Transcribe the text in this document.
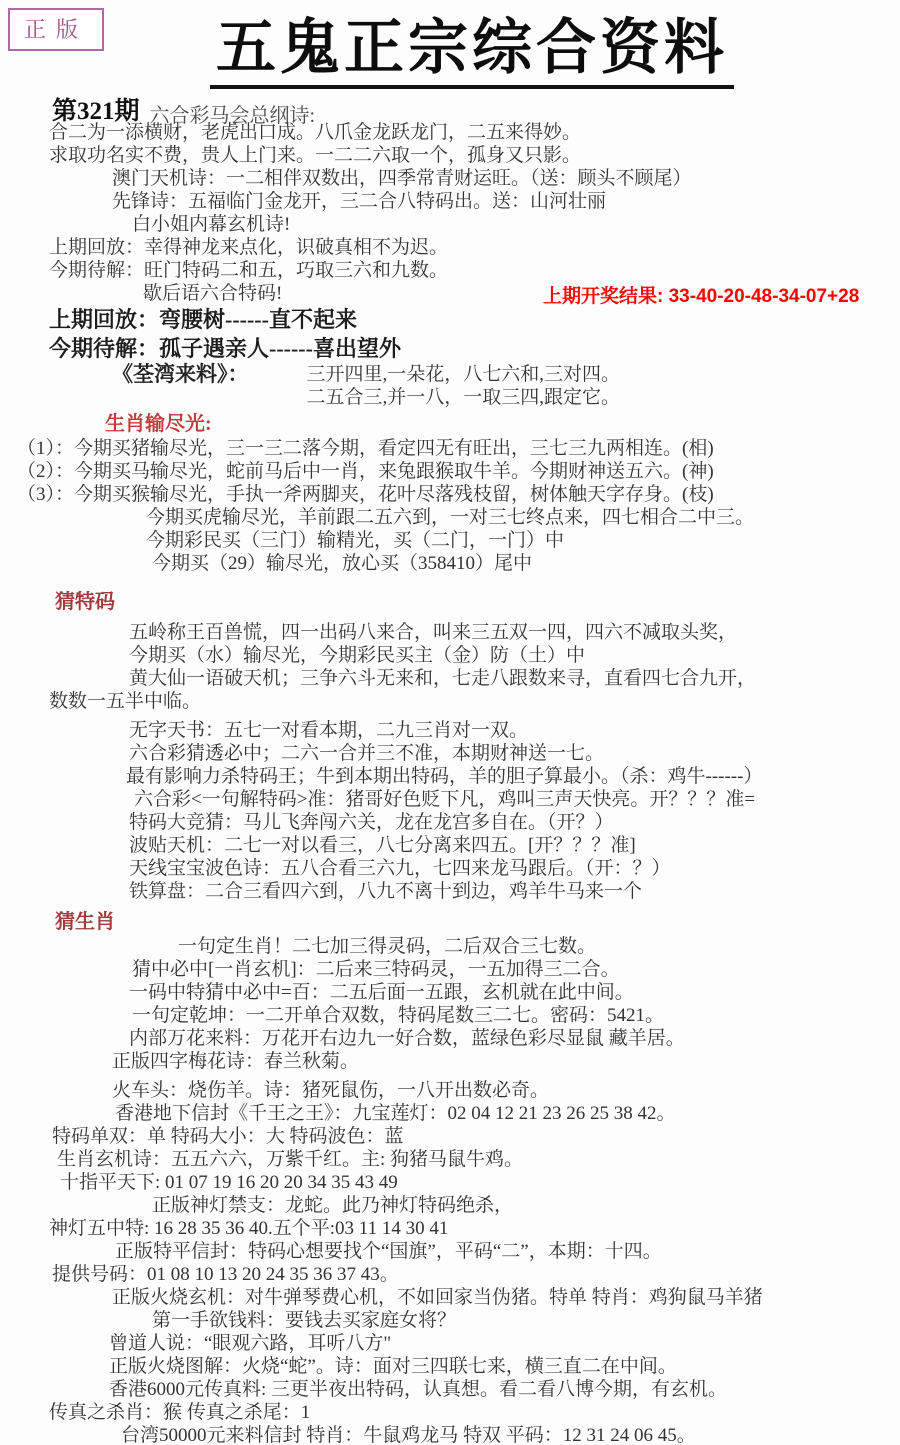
正版 五鬼正宗综合资料
第321期 六合彩马会总纲诗:
上期开奖结果: 33-40-20-48-34-07+28
合二为一添横财，老虎出口成。八爪金龙跃龙门，二五来得妙。
求取功名实不费，贵人上门来。一二二六取一个，孤身又只影。
澳门天机诗：一二相伴双数出，四季常青财运旺。（送：顾头不顾尾）
先锋诗：五福临门金龙开，三二合八特码出。送：山河壮丽
白小姐内幕玄机诗!
上期回放：幸得神龙来点化，识破真相不为迟。
今期待解：旺门特码二和五，巧取三六和九数。
歇后语六合特码!
上期回放：弯腰树------直不起来
今期待解：孤子遇亲人------喜出望外
《荃湾来料》：	三开四里,一朵花，八七六和,三对四。
二五合三,并一八，一取三四,跟定它。
生肖输尽光:
（1）：今期买猪输尽光，三一三二落今期，看定四无有旺出，三七三九两相连。(相)
（2）：今期买马输尽光，蛇前马后中一肖，来兔跟猴取牛羊。今期财神送五六。(神)
（3）：今期买猴输尽光，手执一斧两脚夹，花叶尽落残枝留，树体触天字存身。(枝)
今期买虎输尽光，羊前跟二五六到，一对三七终点来，四七相合二中三。
今期彩民买（三门）输精光，买（二门，一门）中
今期买（29）输尽光，放心买（358410）尾中
猜特码
五岭称王百兽慌，四一出码八来合，叫来三五双一四，四六不减取头奖，
今期买（水）输尽光，今期彩民买主（金）防（土）中
黄大仙一语破天机；三争六斗无来和，七走八跟数来寻，直看四七合九开，
数数一五半中临。
无字天书：五七一对看本期，二九三肖对一双。
六合彩猜透必中；二六一合并三不准，本期财神送一七。
最有影响力杀特码王；牛到本期出特码，羊的胆子算最小。（杀：鸡牛------）
六合彩<一句解特码>准：猪哥好色贬下凡，鸡叫三声天快亮。开？？？准=
特码大竞猜：马儿飞奔闯六关，龙在龙宫多自在。（开？）
波贴天机：二七一对以看三，八七分离来四五。[开？？？准]
天线宝宝波色诗：五八合看三六九，七四来龙马跟后。（开：？）
铁算盘：二合三看四六到，八九不离十到边，鸡羊牛马来一个
猜生肖
一句定生肖！二七加三得灵码，二后双合三七数。
猜中必中[一肖玄机]：二后来三特码灵，一五加得三二合。
一码中特猜中必中=百：二五后面一五跟，玄机就在此中间。
一句定乾坤：一二开单合双数，特码尾数三二七。密码：5421。
内部万花来料：万花开右边九一好合数，蓝绿色彩尽显鼠 藏羊居。
正版四字梅花诗：春兰秋菊。
火车头：烧伤羊。诗：猪死鼠伤，一八开出数必奇。
香港地下信封《千王之王》：九宝莲灯：02 04 12 21 23 26 25 38 42。
特码单双：单 特码大小：大 特码波色：蓝
生肖玄机诗：五五六六，万紫千红。主: 狗猪马鼠牛鸡。
十指平天下: 01 07 19 16 20 20 34 35 43 49
正版神灯禁支：龙蛇。此乃神灯特码绝杀，
神灯五中特: 16 28 35 36 40.五个平:03 11 14 30 41
正版特平信封：特码心想要找个“国旗”，平码“二”，本期：十四。
提供号码：01 08 10 13 20 24 35 36 37 43。
正版火烧玄机：对牛弹琴费心机，不如回家当伪猪。特单 特肖：鸡狗鼠马羊猪
第一手欲钱料：要钱去买家庭女将？
曾道人说：“眼观六路，耳听八方"
正版火烧图解：火烧“蛇”。诗：面对三四联七来，横三直二在中间。
香港6000元传真料: 三更半夜出特码，认真想。看二看八博今期，有玄机。
传真之杀肖：猴 传真之杀尾：1
台湾50000元来料信封 特肖：牛鼠鸡龙马 特双 平码：12 31 24 06 45。
